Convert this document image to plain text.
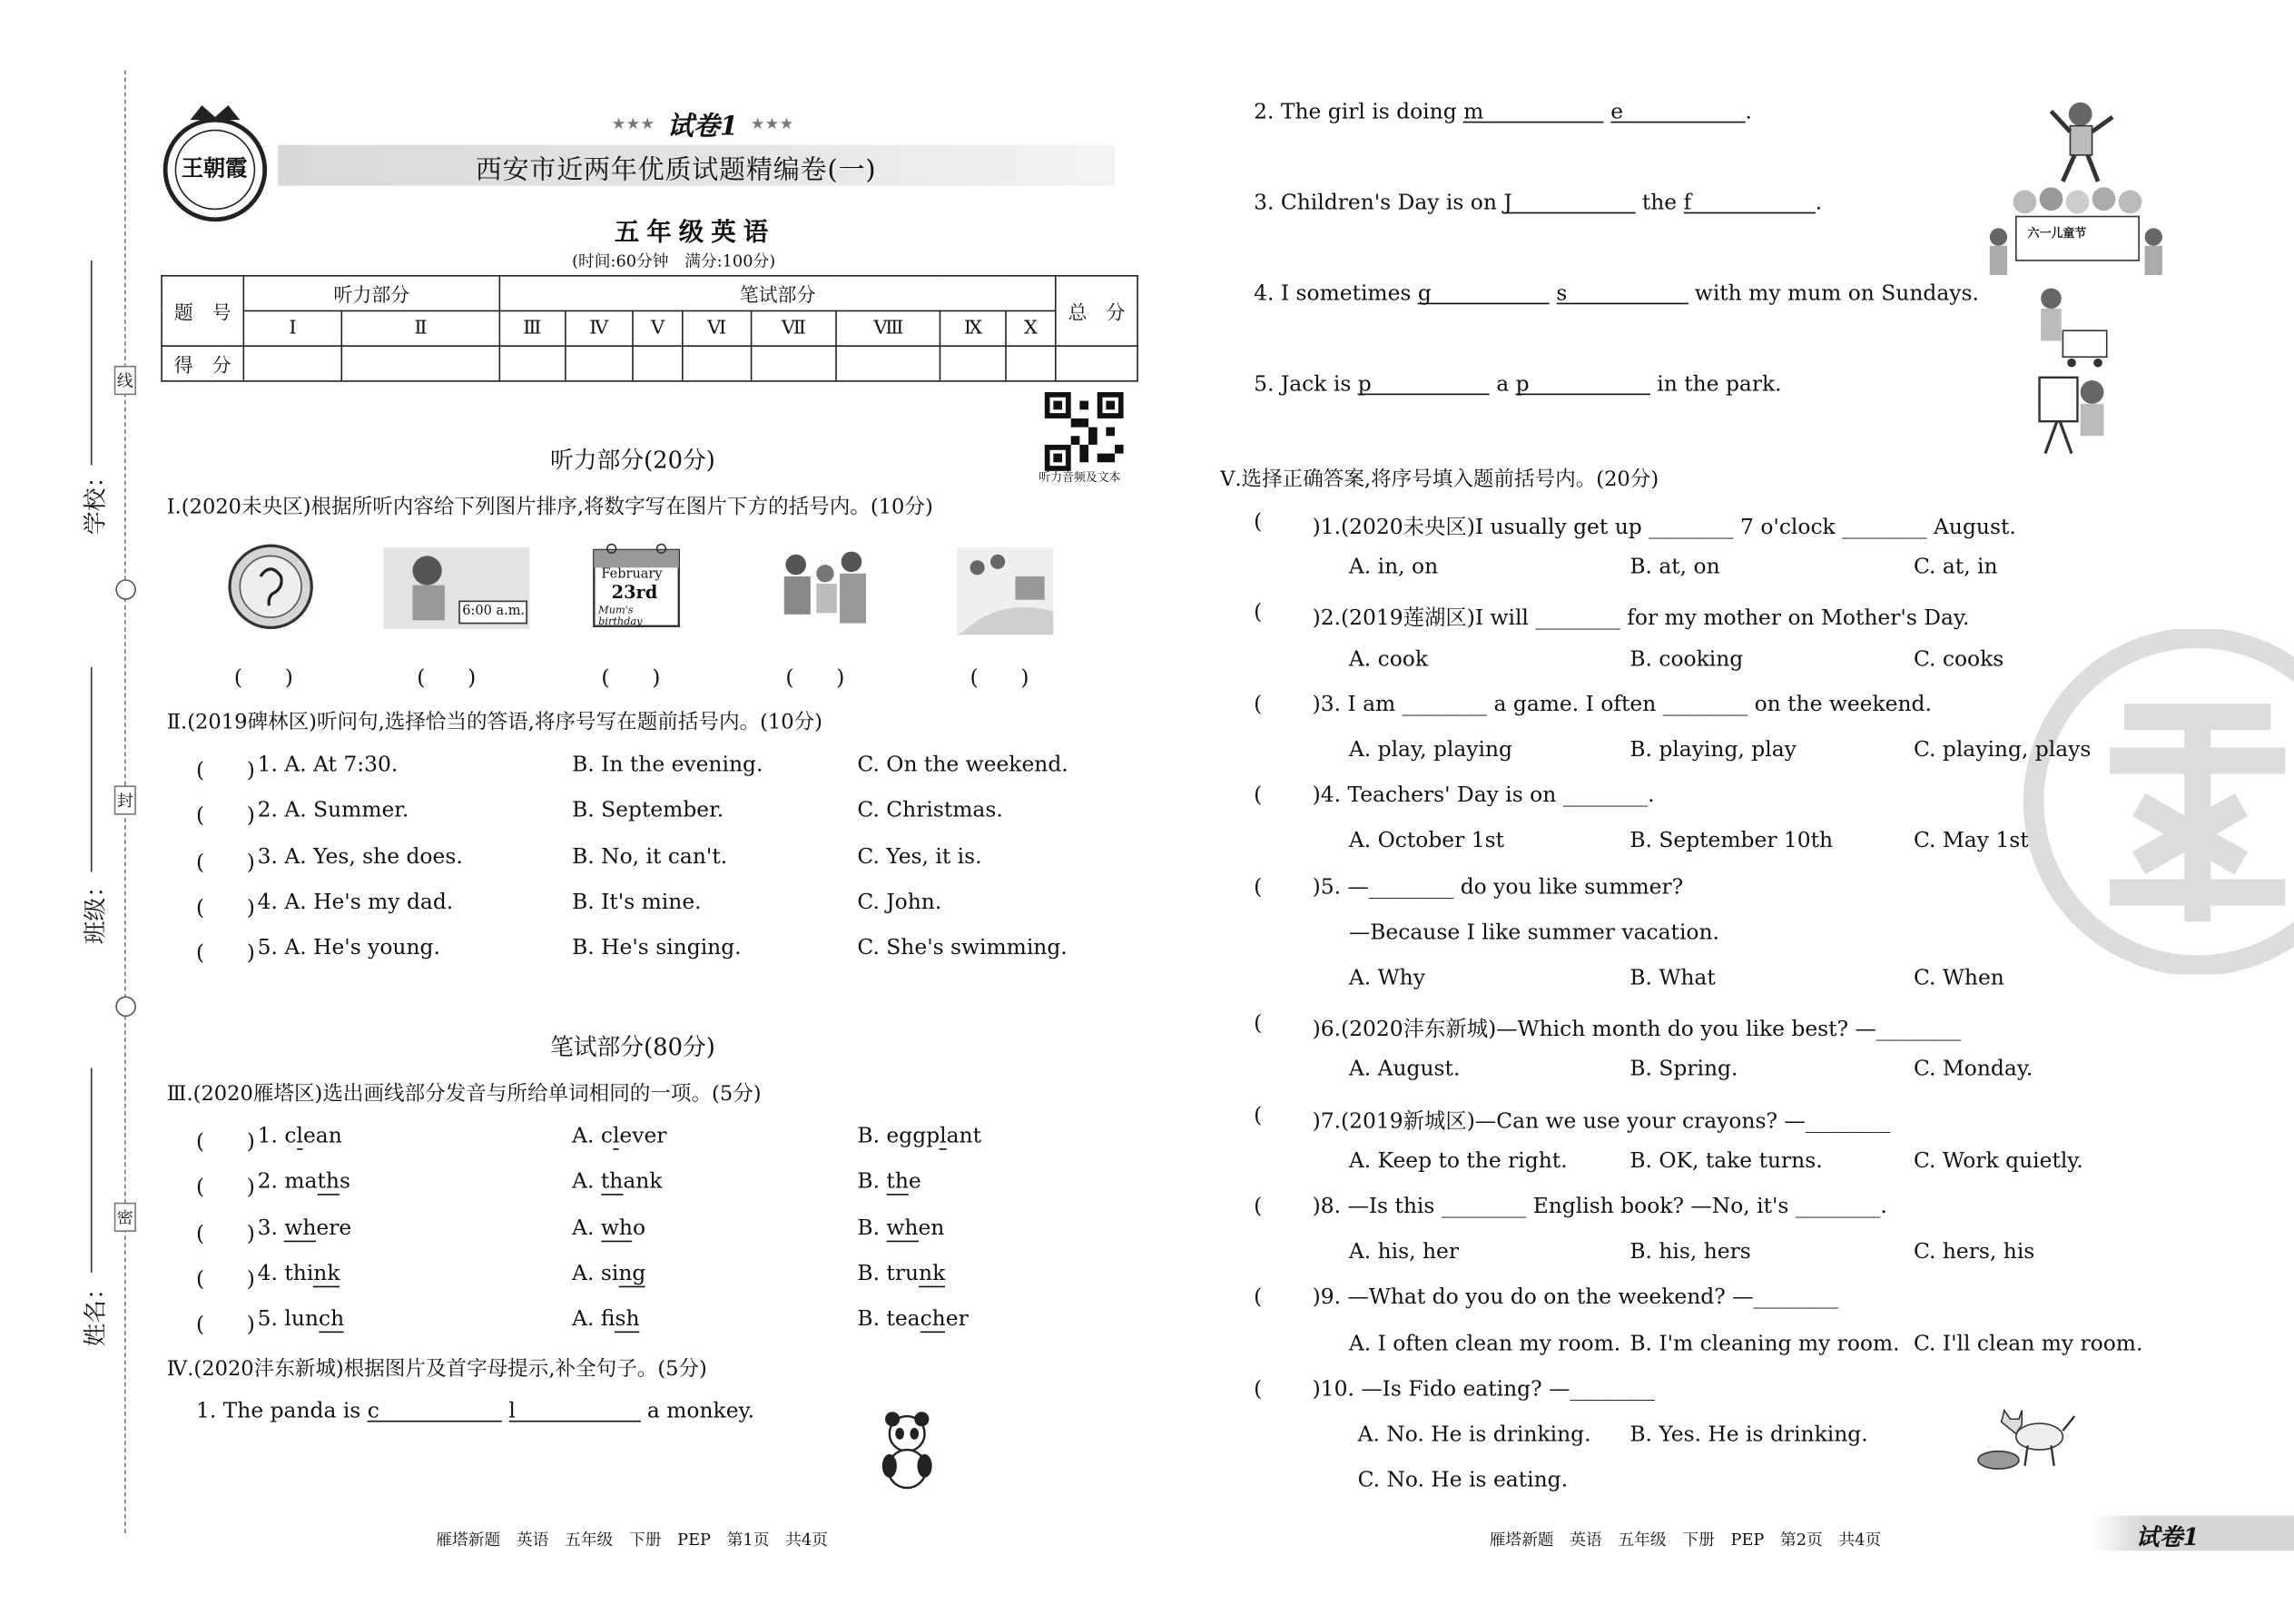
学校：
班级：
姓名：
线
封
密
王朝霞
★★★ 试卷1 ★★★
西安市近两年优质试题精编卷(一)
五年级英语
(时间:60分钟　满分:100分)
题　号	听力部分		笔试部分								总　分
	Ⅰ	Ⅱ	Ⅲ	Ⅳ	Ⅴ	Ⅵ	Ⅶ	Ⅷ	Ⅸ	Ⅹ	
得　分											
听力音频及文本
听力部分(20分)
Ⅰ.(2020未央区)根据所听内容给下列图片排序,将数字写在图片下方的括号内。(10分)
6:00 a.m.
February
23rd
Mum's birthday
(　　)	(　　)	(　　)	(　　)	(　　)
Ⅱ.(2019碑林区)听问句,选择恰当的答语,将序号写在题前括号内。(10分)
笔试部分(80分)
Ⅲ.(2020雁塔区)选出画线部分发音与所给单词相同的一项。(5分)
Ⅳ.(2020沣东新城)根据图片及首字母提示,补全句子。(5分)
六一儿童节
Ⅴ.选择正确答案,将序号填入题前括号内。(20分)
雁塔新题　英语　五年级　下册　PEP　第1页　共4页	雁塔新题　英语　五年级　下册　PEP　第2页　共4页	试卷1
(　　) 1. A. At 7:30.	B. In the evening.	C. On the weekend.
(　　) 2. A. Summer.	B. September.	C. Christmas.
(　　) 3. A. Yes, she does.	B. No, it can't.	C. Yes, it is.
(　　) 4. A. He's my dad.	B. It's mine.	C. John.
(　　) 5. A. He's young.	B. He's singing.	C. She's swimming.
(　　) 1. clean	A. clever	B. eggplant
(　　) 2. maths	A. thank	B. the
(　　) 3. where	A. who	B. when
(　　) 4. think	A. sing	B. trunk
(　　) 5. lunch	A. fish	B. teacher
1. The panda is c	l	a monkey.
2. The girl is doing m	e	.
3. Children's Day is on J	the f	.
4. I sometimes g	s	with my mum on Sundays.
5. Jack is p	a p	in the park.
(	)1.(2020未央区)I usually get up ________ 7 o'clock ________ August.
A. in, on	B. at, on	C. at, in
(	)2.(2019莲湖区)I will ________ for my mother on Mother's Day.
A. cook	B. cooking	C. cooks
(	)3. I am ________ a game. I often ________ on the weekend.
A. play, playing	B. playing, play	C. playing, plays
(	)4. Teachers' Day is on ________.
A. October 1st	B. September 10th	C. May 1st
(	)5. —________ do you like summer?
—Because I like summer vacation.
A. Why	B. What	C. When
(	)6.(2020沣东新城)—Which month do you like best? —________
A. August.	B. Spring.	C. Monday.
(	)7.(2019新城区)—Can we use your crayons? —________
A. Keep to the right.	B. OK, take turns.	C. Work quietly.
(	)8. —Is this ________ English book? —No, it's ________.
A. his, her	B. his, hers	C. hers, his
(	)9. —What do you do on the weekend? —________
A. I often clean my room. B. I'm cleaning my room. C. I'll clean my room.
(	)10. —Is Fido eating? —________
A. No. He is drinking.	B. Yes. He is drinking.
C. No. He is eating.
